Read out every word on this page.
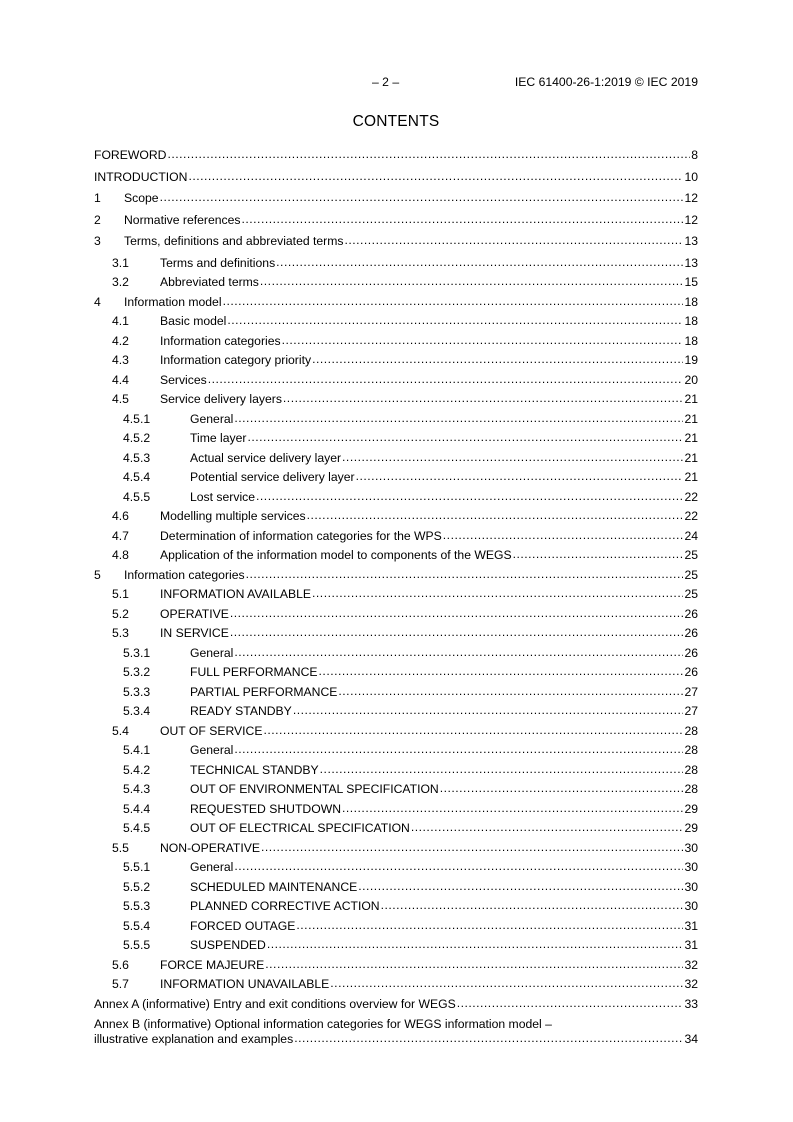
– 2 –	IEC 61400-26-1:2019 © IEC 2019
CONTENTS
FOREWORD .....	8
INTRODUCTION .....	10
1	Scope .....	12
2	Normative references .....	12
3	Terms, definitions and abbreviated terms .....	13
3.1	Terms and definitions .....	13
3.2	Abbreviated terms .....	15
4	Information model .....	18
4.1	Basic model .....	18
4.2	Information categories .....	18
4.3	Information category priority .....	19
4.4	Services .....	20
4.5	Service delivery layers .....	21
4.5.1	General .....	21
4.5.2	Time layer .....	21
4.5.3	Actual service delivery layer .....	21
4.5.4	Potential service delivery layer .....	21
4.5.5	Lost service .....	22
4.6	Modelling multiple services .....	22
4.7	Determination of information categories for the WPS .....	24
4.8	Application of the information model to components of the WEGS .....	25
5	Information categories .....	25
5.1	INFORMATION AVAILABLE .....	25
5.2	OPERATIVE .....	26
5.3	IN SERVICE .....	26
5.3.1	General .....	26
5.3.2	FULL PERFORMANCE .....	26
5.3.3	PARTIAL PERFORMANCE .....	27
5.3.4	READY STANDBY .....	27
5.4	OUT OF SERVICE .....	28
5.4.1	General .....	28
5.4.2	TECHNICAL STANDBY .....	28
5.4.3	OUT OF ENVIRONMENTAL SPECIFICATION .....	28
5.4.4	REQUESTED SHUTDOWN .....	29
5.4.5	OUT OF ELECTRICAL SPECIFICATION .....	29
5.5	NON-OPERATIVE .....	30
5.5.1	General .....	30
5.5.2	SCHEDULED MAINTENANCE .....	30
5.5.3	PLANNED CORRECTIVE ACTION .....	30
5.5.4	FORCED OUTAGE .....	31
5.5.5	SUSPENDED .....	31
5.6	FORCE MAJEURE .....	32
5.7	INFORMATION UNAVAILABLE .....	32
Annex A (informative) Entry and exit conditions overview for WEGS .....	33
Annex B (informative) Optional information categories for WEGS information model –
illustrative explanation and examples .....	34
